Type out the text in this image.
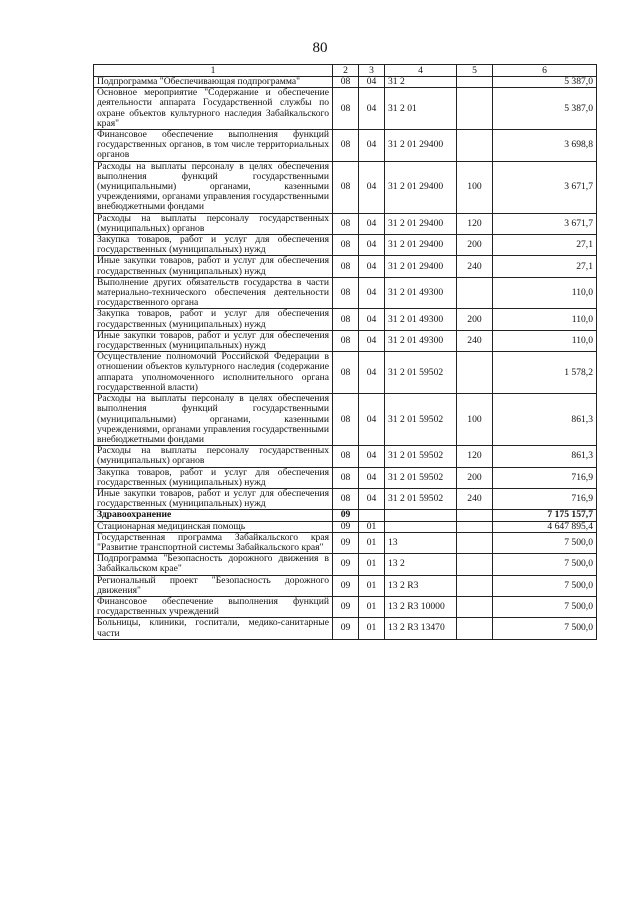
80
1	2	3	4	5	6
Подпрограмма "Обеспечивающая подпрограмма"	08	04	31 2		5 387,0
Основное мероприятие "Содержание и обеспечение деятельности аппарата Государственной службы по охране объектов культурного наследия Забайкальского края"	08	04	31 2 01		5 387,0
Финансовое обеспечение выполнения функций государственных органов, в том числе территориальных органов	08	04	31 2 01 29400		3 698,8
Расходы на выплаты персоналу в целях обеспечения выполнения функций государственными (муниципальными) органами, казенными учреждениями, органами управления государственными внебюджетными фондами	08	04	31 2 01 29400	100	3 671,7
Расходы на выплаты персоналу государственных (муниципальных) органов	08	04	31 2 01 29400	120	3 671,7
Закупка товаров, работ и услуг для обеспечения государственных (муниципальных) нужд	08	04	31 2 01 29400	200	27,1
Иные закупки товаров, работ и услуг для обеспечения государственных (муниципальных) нужд	08	04	31 2 01 29400	240	27,1
Выполнение других обязательств государства в части материально-технического обеспечения деятельности государственного органа	08	04	31 2 01 49300		110,0
Закупка товаров, работ и услуг для обеспечения государственных (муниципальных) нужд	08	04	31 2 01 49300	200	110,0
Иные закупки товаров, работ и услуг для обеспечения государственных (муниципальных) нужд	08	04	31 2 01 49300	240	110,0
Осуществление полномочий Российской Федерации в отношении объектов культурного наследия (содержание аппарата уполномоченного исполнительного органа государственной власти)	08	04	31 2 01 59502		1 578,2
Расходы на выплаты персоналу в целях обеспечения выполнения функций государственными (муниципальными) органами, казенными учреждениями, органами управления государственными внебюджетными фондами	08	04	31 2 01 59502	100	861,3
Расходы на выплаты персоналу государственных (муниципальных) органов	08	04	31 2 01 59502	120	861,3
Закупка товаров, работ и услуг для обеспечения государственных (муниципальных) нужд	08	04	31 2 01 59502	200	716,9
Иные закупки товаров, работ и услуг для обеспечения государственных (муниципальных) нужд	08	04	31 2 01 59502	240	716,9
Здравоохранение	09				7 175 157,7
Стационарная медицинская помощь	09	01			4 647 895,4
Государственная программа Забайкальского края "Развитие транспортной системы Забайкальского края"	09	01	13		7 500,0
Подпрограмма "Безопасность дорожного движения в Забайкальском крае"	09	01	13 2		7 500,0
Региональный проект "Безопасность дорожного движения"	09	01	13 2 R3		7 500,0
Финансовое обеспечение выполнения функций государственных учреждений	09	01	13 2 R3 10000		7 500,0
Больницы, клиники, госпитали, медико-санитарные части	09	01	13 2 R3 13470		7 500,0
